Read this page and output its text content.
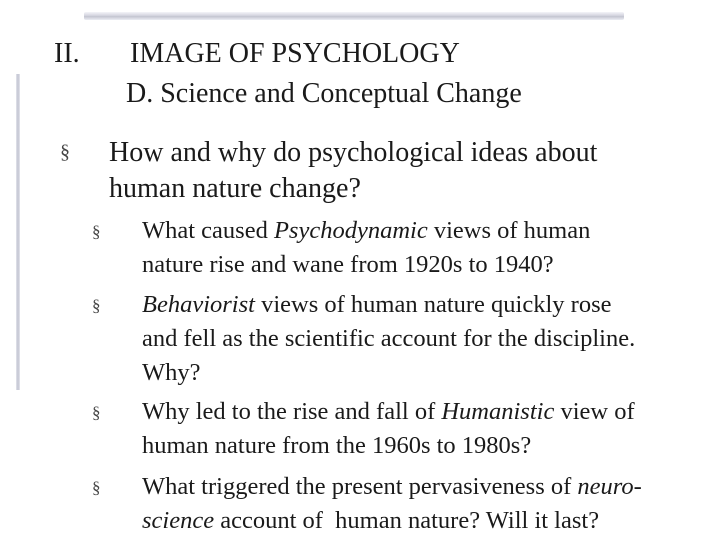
II. IMAGE OF PSYCHOLOGY
D. Science and Conceptual Change
§ How and why do psychological ideas about
human nature change?
§ What caused Psychodynamic views of human
nature rise and wane from 1920s to 1940?
§ Behaviorist views of human nature quickly rose
and fell as the scientific account for the discipline.
Why?
§ Why led to the rise and fall of Humanistic view of
human nature from the 1960s to 1980s?
§ What triggered the present pervasiveness of neuro-
science account of  human nature? Will it last?
